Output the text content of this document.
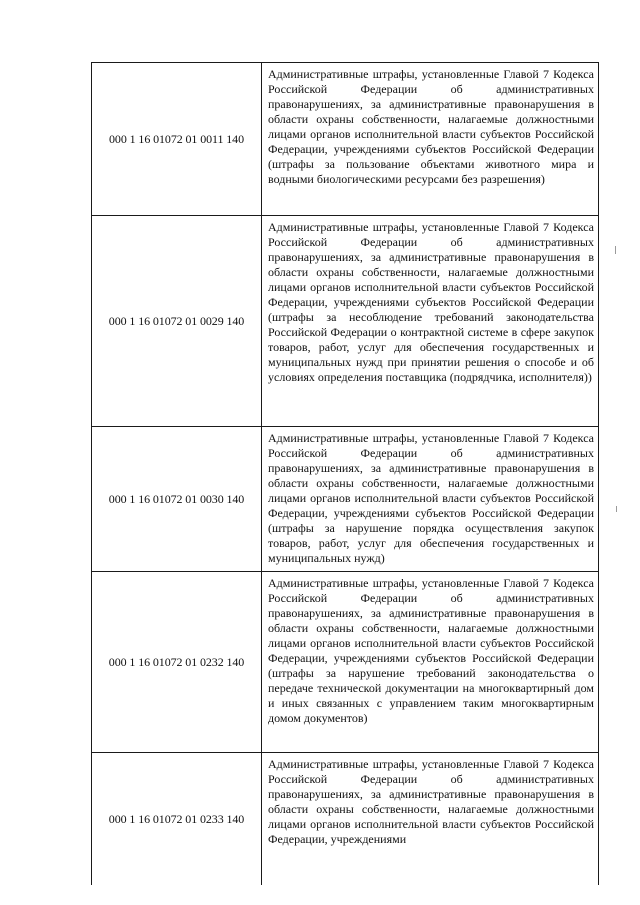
000 1 16 01072 01 0011 140	Административные штрафы, установленные Главой 7 Кодекса Российской Федерации об административных правонарушениях, за административные правонарушения в области охраны собственности, налагаемые должностными лицами органов исполнительной власти субъектов Российской Федерации, учреждениями субъектов Российской Федерации (штрафы за пользование объектами животного мира и водными биологическими ресурсами без разрешения)
000 1 16 01072 01 0029 140	Административные штрафы, установленные Главой 7 Кодекса Российской Федерации об административных правонарушениях, за административные правонарушения в области охраны собственности, налагаемые должностными лицами органов исполнительной власти субъектов Российской Федерации, учреждениями субъектов Российской Федерации (штрафы за несоблюдение требований законодательства Российской Федерации о контрактной системе в сфере закупок товаров, работ, услуг для обеспечения государственных и муниципальных нужд при принятии решения о способе и об условиях определения поставщика (подрядчика, исполнителя))
000 1 16 01072 01 0030 140	Административные штрафы, установленные Главой 7 Кодекса Российской Федерации об административных правонарушениях, за административные правонарушения в области охраны собственности, налагаемые должностными лицами органов исполнительной власти субъектов Российской Федерации, учреждениями субъектов Российской Федерации (штрафы за нарушение порядка осуществления закупок товаров, работ, услуг для обеспечения государственных и муниципальных нужд)
000 1 16 01072 01 0232 140	Административные штрафы, установленные Главой 7 Кодекса Российской Федерации об административных правонарушениях, за административные правонарушения в области охраны собственности, налагаемые должностными лицами органов исполнительной власти субъектов Российской Федерации, учреждениями субъектов Российской Федерации (штрафы за нарушение требований законодательства о передаче технической документации на многоквартирный дом и иных связанных с управлением таким многоквартирным домом документов)
000 1 16 01072 01 0233 140	Административные штрафы, установленные Главой 7 Кодекса Российской Федерации об административных правонарушениях, за административные правонарушения в области охраны собственности, налагаемые должностными лицами органов исполнительной власти субъектов Российской Федерации, учреждениями
